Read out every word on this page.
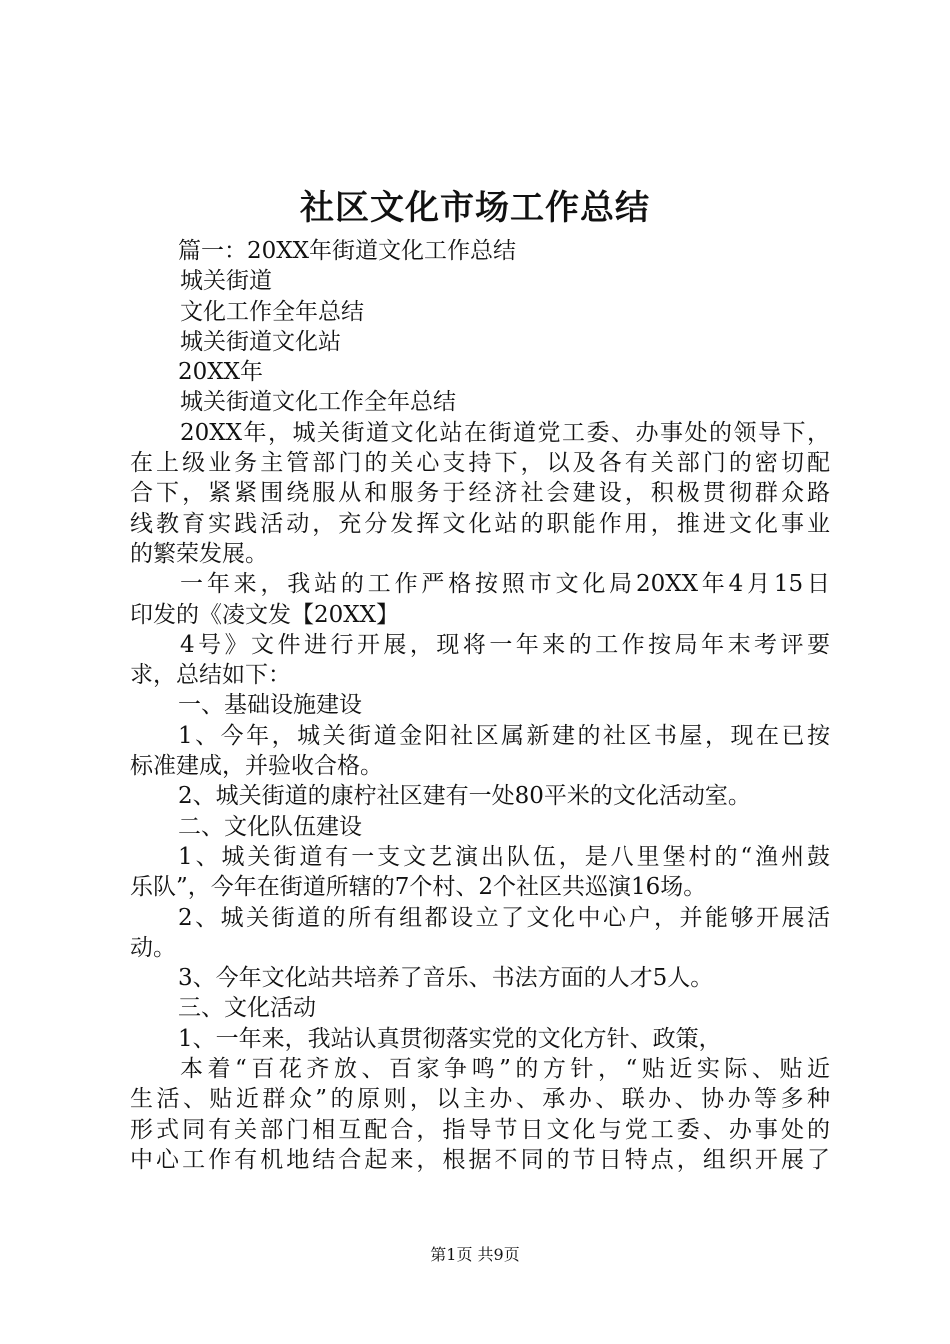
社区文化市场工作总结
篇一：20XX年街道文化工作总结
城关街道
文化工作全年总结
城关街道文化站
20XX年
城关街道文化工作全年总结
20XX年，城关街道文化站在街道党工委、办事处的领导下，
在上级业务主管部门的关心支持下，以及各有关部门的密切配
合下，紧紧围绕服从和服务于经济社会建设，积极贯彻群众路
线教育实践活动，充分发挥文化站的职能作用，推进文化事业
的繁荣发展。
一年来，我站的工作严格按照市文化局20XX年4月15日
印发的《凌文发【20XX】
4号》文件进行开展，现将一年来的工作按局年末考评要
求，总结如下：
一、基础设施建设
1、今年，城关街道金阳社区属新建的社区书屋，现在已按
标准建成，并验收合格。
2、城关街道的康柠社区建有一处80平米的文化活动室。
二、文化队伍建设
1、城关街道有一支文艺演出队伍，是八里堡村的“渔州鼓
乐队”，今年在街道所辖的7个村、2个社区共巡演16场。
2、城关街道的所有组都设立了文化中心户，并能够开展活
动。
3、今年文化站共培养了音乐、书法方面的人才5人。
三、文化活动
1、一年来，我站认真贯彻落实党的文化方针、政策，
本着“百花齐放、百家争鸣”的方针，“贴近实际、贴近
生活、贴近群众”的原则，以主办、承办、联办、协办等多种
形式同有关部门相互配合，指导节日文化与党工委、办事处的
中心工作有机地结合起来，根据不同的节日特点，组织开展了
第1页 共9页
